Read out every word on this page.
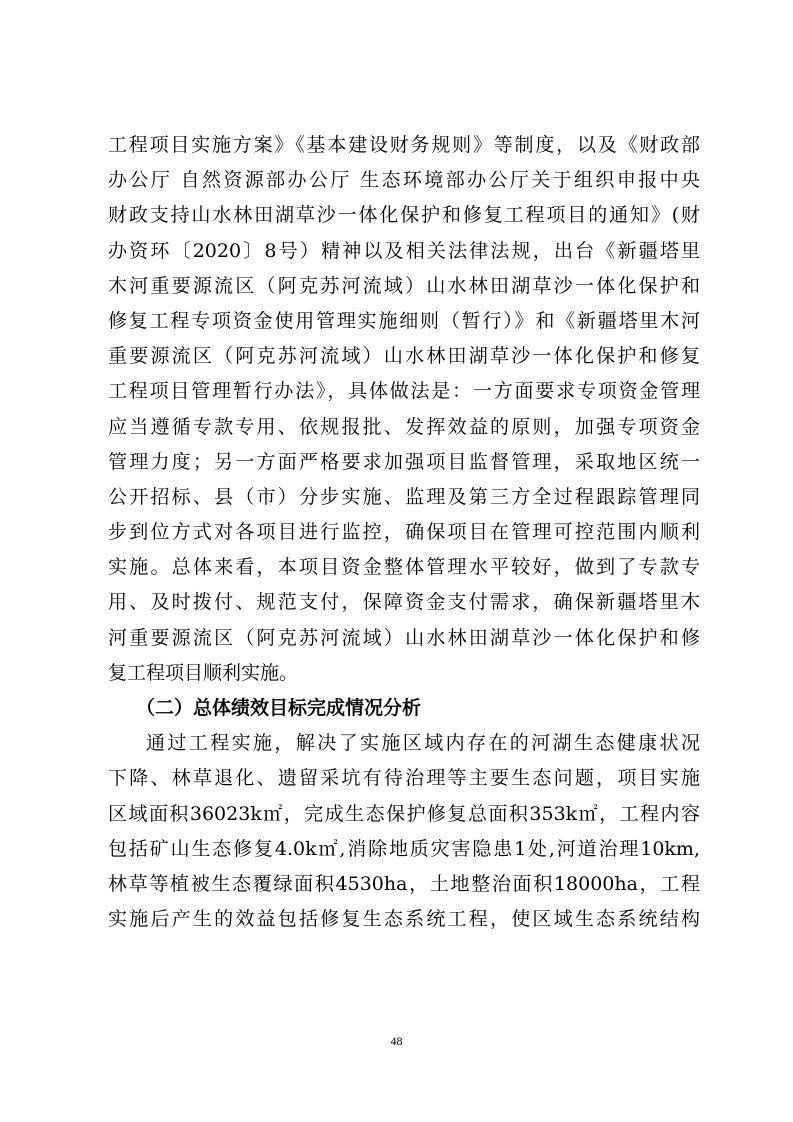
工程项目实施方案》《基本建设财务规则》等制度，以及《财政部
办公厅 自然资源部办公厅 生态环境部办公厅关于组织申报中央
财政支持山水林田湖草沙一体化保护和修复工程项目的通知》(财
办资环〔2020〕8号）精神以及相关法律法规，出台《新疆塔里
木河重要源流区（阿克苏河流域）山水林田湖草沙一体化保护和
修复工程专项资金使用管理实施细则（暂行）》和《新疆塔里木河
重要源流区（阿克苏河流域）山水林田湖草沙一体化保护和修复
工程项目管理暂行办法》，具体做法是：一方面要求专项资金管理
应当遵循专款专用、依规报批、发挥效益的原则，加强专项资金
管理力度；另一方面严格要求加强项目监督管理，采取地区统一
公开招标、县（市）分步实施、监理及第三方全过程跟踪管理同
步到位方式对各项目进行监控，确保项目在管理可控范围内顺利
实施。总体来看，本项目资金整体管理水平较好，做到了专款专
用、及时拨付、规范支付，保障资金支付需求，确保新疆塔里木
河重要源流区（阿克苏河流域）山水林田湖草沙一体化保护和修
复工程项目顺利实施。
（二）总体绩效目标完成情况分析
通过工程实施，解决了实施区域内存在的河湖生态健康状况
下降、林草退化、遗留采坑有待治理等主要生态问题，项目实施
区域面积36023k㎡，完成生态保护修复总面积353k㎡，工程内容
包括矿山生态修复4.0k㎡,消除地质灾害隐患1处,河道治理10km,
林草等植被生态覆绿面积4530ha，土地整治面积18000ha，工程
实施后产生的效益包括修复生态系统工程，使区域生态系统结构
48
